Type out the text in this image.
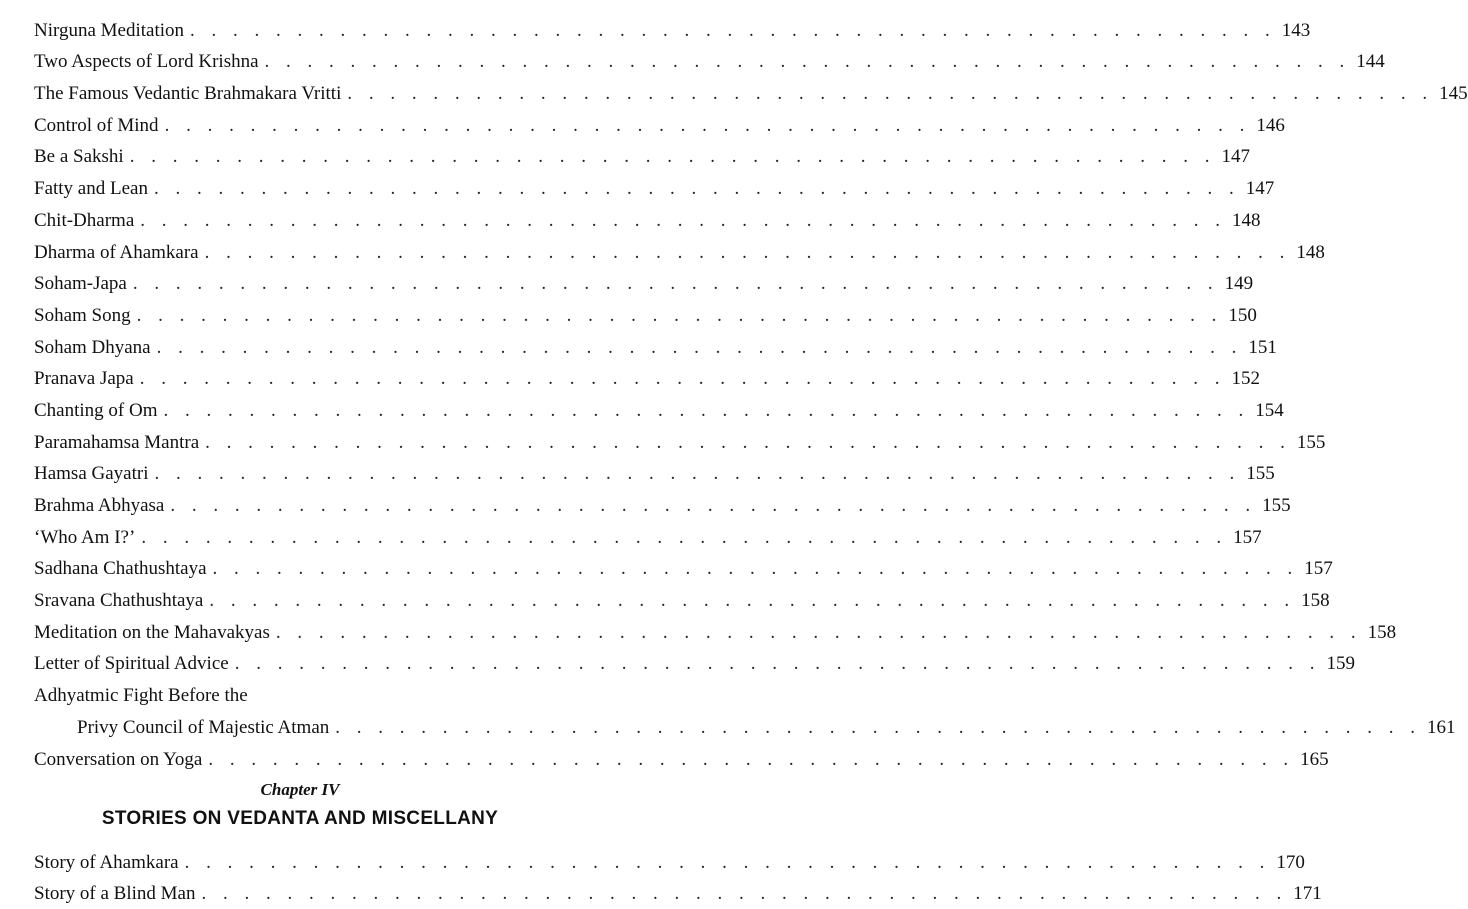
Nirguna Meditation . . . . . . . . . . . . . . . . . . . . . . . . . . . . . . . . . . . . . . . . . . . . . . . . . . . 143
Two Aspects of Lord Krishna . . . . . . . . . . . . . . . . . . . . . . . . . . . . . . . . . . . . . . . . . . . . . . . . . . . 144
The Famous Vedantic Brahmakara Vritti . . . . . . . . . . . . . . . . . . . . . . . . . . . . . . . . . . . . . . . . . . . . . . . . . . . 145
Control of Mind . . . . . . . . . . . . . . . . . . . . . . . . . . . . . . . . . . . . . . . . . . . . . . . . . . . 146
Be a Sakshi . . . . . . . . . . . . . . . . . . . . . . . . . . . . . . . . . . . . . . . . . . . . . . . . . . . 147
Fatty and Lean . . . . . . . . . . . . . . . . . . . . . . . . . . . . . . . . . . . . . . . . . . . . . . . . . . . 147
Chit-Dharma . . . . . . . . . . . . . . . . . . . . . . . . . . . . . . . . . . . . . . . . . . . . . . . . . . . 148
Dharma of Ahamkara . . . . . . . . . . . . . . . . . . . . . . . . . . . . . . . . . . . . . . . . . . . . . . . . . . . 148
Soham-Japa . . . . . . . . . . . . . . . . . . . . . . . . . . . . . . . . . . . . . . . . . . . . . . . . . . . 149
Soham Song . . . . . . . . . . . . . . . . . . . . . . . . . . . . . . . . . . . . . . . . . . . . . . . . . . . 150
Soham Dhyana . . . . . . . . . . . . . . . . . . . . . . . . . . . . . . . . . . . . . . . . . . . . . . . . . . . 151
Pranava Japa . . . . . . . . . . . . . . . . . . . . . . . . . . . . . . . . . . . . . . . . . . . . . . . . . . . 152
Chanting of Om . . . . . . . . . . . . . . . . . . . . . . . . . . . . . . . . . . . . . . . . . . . . . . . . . . . 154
Paramahamsa Mantra . . . . . . . . . . . . . . . . . . . . . . . . . . . . . . . . . . . . . . . . . . . . . . . . . . . 155
Hamsa Gayatri . . . . . . . . . . . . . . . . . . . . . . . . . . . . . . . . . . . . . . . . . . . . . . . . . . . 155
Brahma Abhyasa . . . . . . . . . . . . . . . . . . . . . . . . . . . . . . . . . . . . . . . . . . . . . . . . . . . 155
‘Who Am I?’ . . . . . . . . . . . . . . . . . . . . . . . . . . . . . . . . . . . . . . . . . . . . . . . . . . . 157
Sadhana Chathushtaya . . . . . . . . . . . . . . . . . . . . . . . . . . . . . . . . . . . . . . . . . . . . . . . . . . . 157
Sravana Chathushtaya . . . . . . . . . . . . . . . . . . . . . . . . . . . . . . . . . . . . . . . . . . . . . . . . . . . 158
Meditation on the Mahavakyas . . . . . . . . . . . . . . . . . . . . . . . . . . . . . . . . . . . . . . . . . . . . . . . . . . . 158
Letter of Spiritual Advice . . . . . . . . . . . . . . . . . . . . . . . . . . . . . . . . . . . . . . . . . . . . . . . . . . . 159
Adhyatmic Fight Before the
Privy Council of Majestic Atman . . . . . . . . . . . . . . . . . . . . . . . . . . . . . . . . . . . . . . . . . . . . . . . . . . . 161
Conversation on Yoga . . . . . . . . . . . . . . . . . . . . . . . . . . . . . . . . . . . . . . . . . . . . . . . . . . . 165
Chapter IV
STORIES ON VEDANTA AND MISCELLANY
Story of Ahamkara . . . . . . . . . . . . . . . . . . . . . . . . . . . . . . . . . . . . . . . . . . . . . . . . . . . 170
Story of a Blind Man . . . . . . . . . . . . . . . . . . . . . . . . . . . . . . . . . . . . . . . . . . . . . . . . . . . 171
